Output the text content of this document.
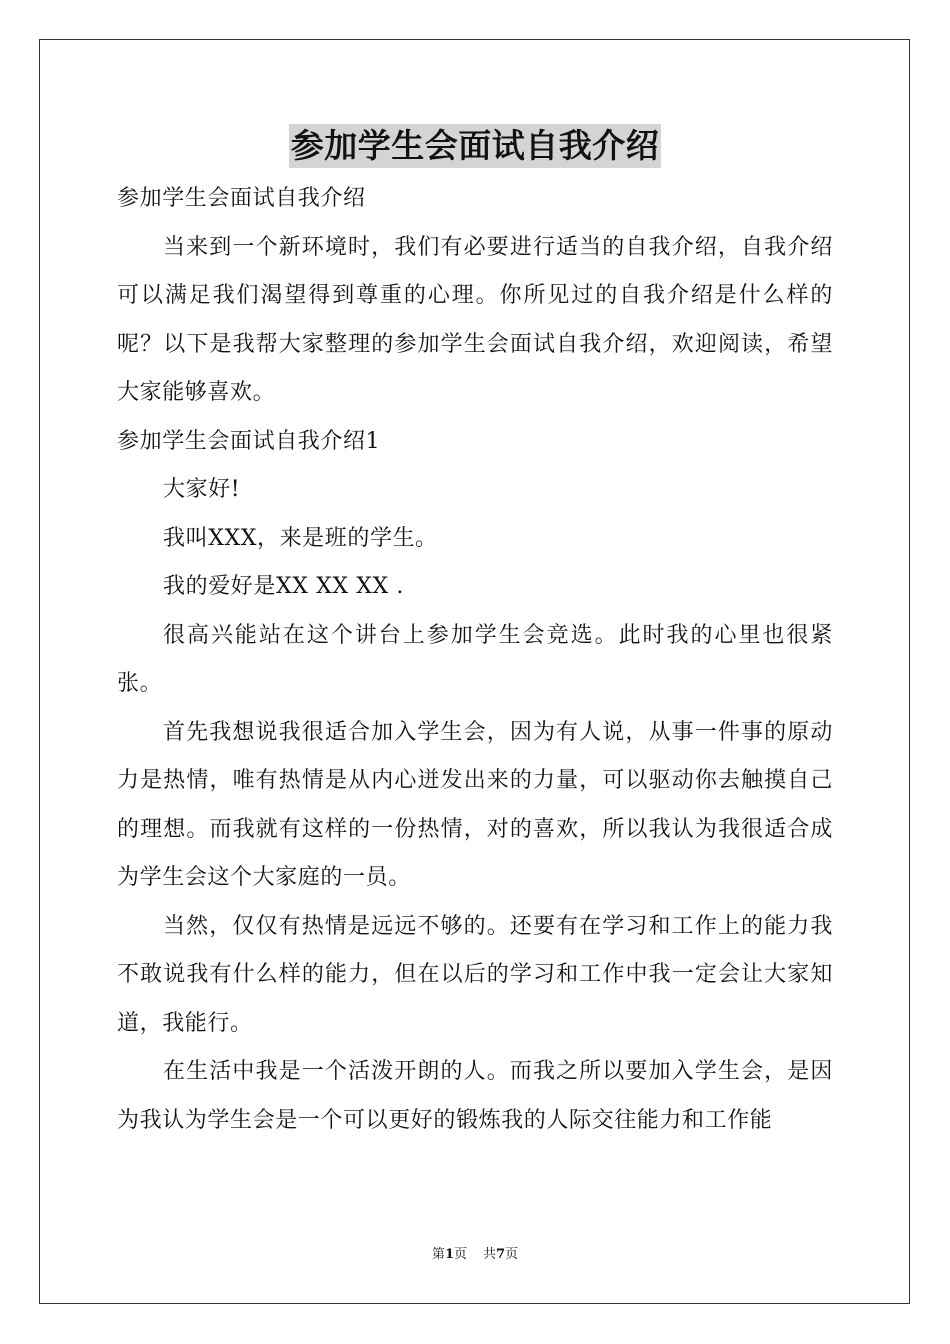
参加学生会面试自我介绍

参加学生会面试自我介绍

当来到一个新环境时，我们有必要进行适当的自我介绍，自我介绍可以满足我们渴望得到尊重的心理。你所见过的自我介绍是什么样的呢？以下是我帮大家整理的参加学生会面试自我介绍，欢迎阅读，希望大家能够喜欢。

参加学生会面试自我介绍1

大家好!

我叫XXX，来是班的学生。

我的爱好是XX XX XX .

很高兴能站在这个讲台上参加学生会竞选。此时我的心里也很紧张。

首先我想说我很适合加入学生会，因为有人说，从事一件事的原动力是热情，唯有热情是从内心迸发出来的力量，可以驱动你去触摸自己的理想。而我就有这样的一份热情，对的喜欢，所以我认为我很适合成为学生会这个大家庭的一员。

当然，仅仅有热情是远远不够的。还要有在学习和工作上的能力我不敢说我有什么样的能力，但在以后的学习和工作中我一定会让大家知道，我能行。

在生活中我是一个活泼开朗的人。而我之所以要加入学生会，是因为我认为学生会是一个可以更好的锻炼我的人际交往能力和工作能

第1页 共7页
